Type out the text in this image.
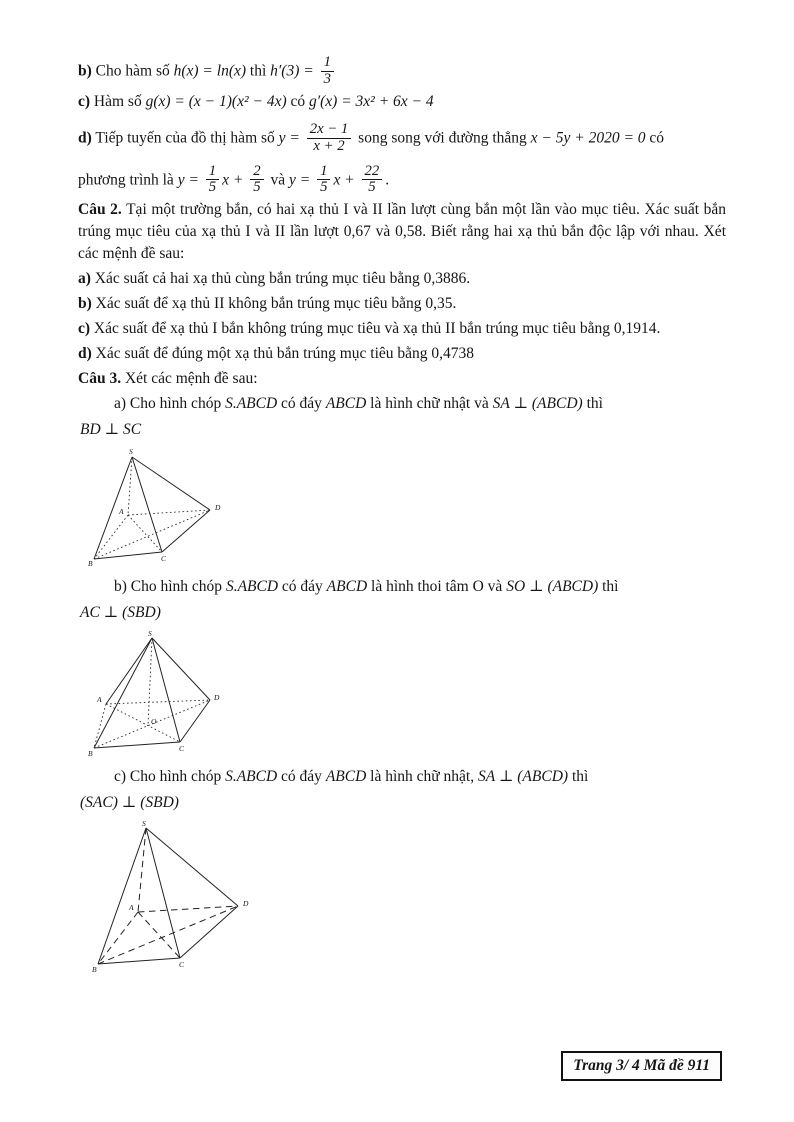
b) Cho hàm số h(x) = ln(x) thì $h'(3) = \frac{1}{3}$

c) Hàm số g(x) = (x − 1)(x² − 4x) có g′(x) = 3x² + 6x − 4

d) Tiếp tuyến của đồ thị hàm số $y = \frac{2x - 1}{x + 2}$ song song với đường thẳng x − 5y + 2020 = 0 có

phương trình là $y = \frac{1}{5}$ $x + \frac{2}{5}$ và $y = \frac{1}{5}$ $x + \frac{22}{5}$ .

Câu 2. Tại một trường bắn, có hai xạ thủ I và II lần lượt cùng bắn một lần vào mục tiêu. Xác suất bắn trúng mục tiêu của xạ thủ I và II lần lượt 0,67 và 0,58. Biết rằng hai xạ thủ bắn độc lập với nhau. Xét các mệnh đề sau:

a) Xác suất cả hai xạ thủ cùng bắn trúng mục tiêu bằng 0,3886.

b) Xác suất để xạ thủ II không bắn trúng mục tiêu bằng 0,35.

c) Xác suất để xạ thủ I bắn không trúng mục tiêu và xạ thủ II bắn trúng mục tiêu bằng 0,1914.

d) Xác suất để đúng một xạ thủ bắn trúng mục tiêu bằng 0,4738

Câu 3. Xét các mệnh đề sau:

a) Cho hình chóp S.ABCD có đáy ABCD là hình chữ nhật và SA ⊥ (ABCD) thì

BD ⊥ SC

S
A
B
C
D

b) Cho hình chóp S.ABCD có đáy ABCD là hình thoi tâm O và SO ⊥ (ABCD) thì

AC ⊥ (SBD)

S
A
B
C
D
O

c) Cho hình chóp S.ABCD có đáy ABCD là hình chữ nhật, SA ⊥ (ABCD) thì

(SAC) ⊥ (SBD)

S
A
B
C
D
Trang 3/ 4 Mã đề 911
